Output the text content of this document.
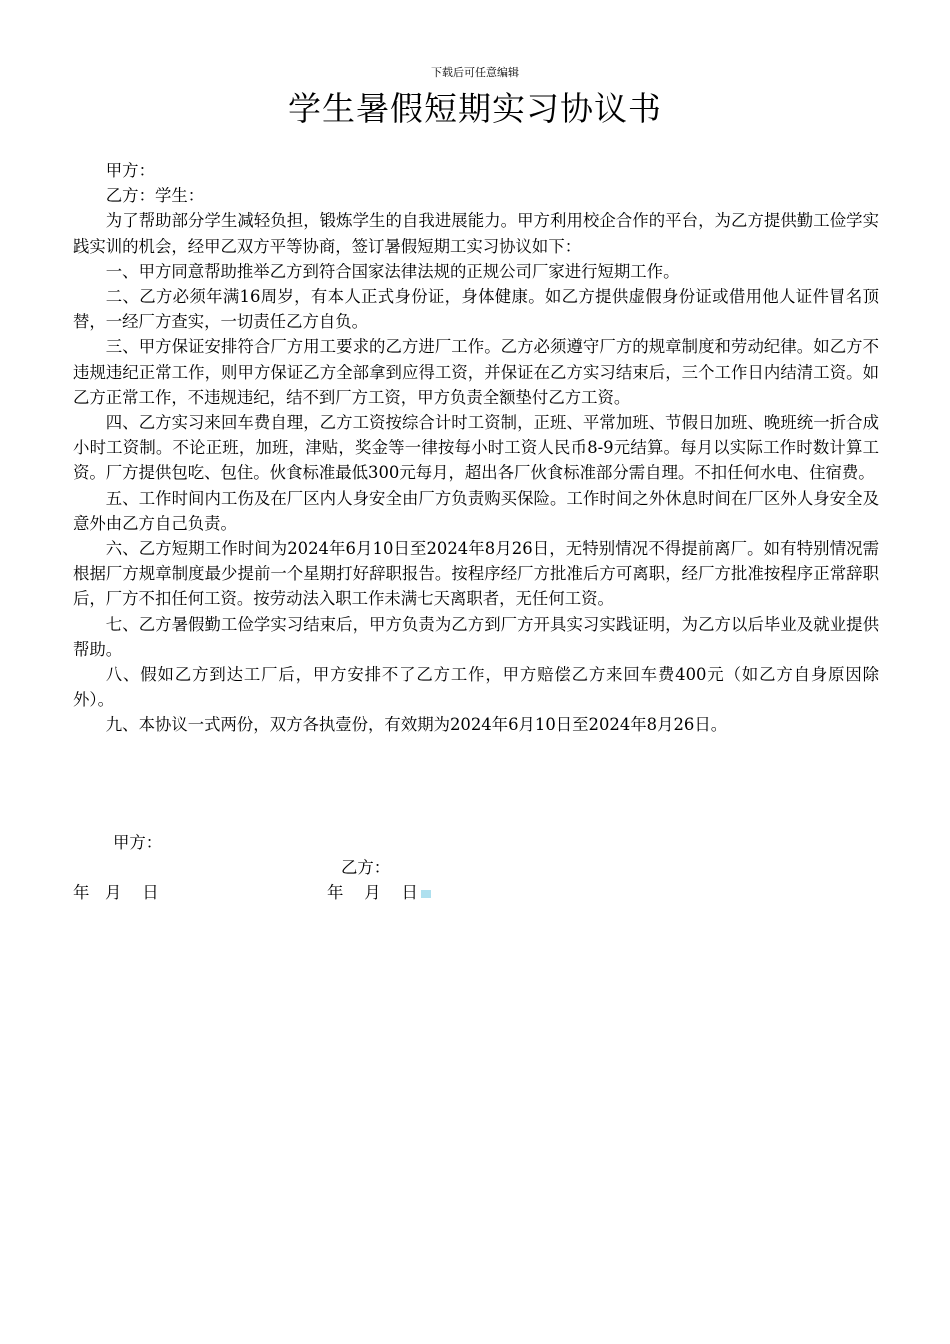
下载后可任意编辑
学生暑假短期实习协议书

甲方：

乙方：学生：

为了帮助部分学生减轻负担，锻炼学生的自我进展能力。甲方利用校企合作的平台，为乙方提供勤工俭学实践实训的机会，经甲乙双方平等协商，签订暑假短期工实习协议如下：

一、甲方同意帮助推举乙方到符合国家法律法规的正规公司厂家进行短期工作。

二、乙方必须年满16周岁，有本人正式身份证，身体健康。如乙方提供虚假身份证或借用他人证件冒名顶替，一经厂方查实，一切责任乙方自负。

三、甲方保证安排符合厂方用工要求的乙方进厂工作。乙方必须遵守厂方的规章制度和劳动纪律。如乙方不违规违纪正常工作，则甲方保证乙方全部拿到应得工资，并保证在乙方实习结束后，三个工作日内结清工资。如乙方正常工作，不违规违纪，结不到厂方工资，甲方负责全额垫付乙方工资。

四、乙方实习来回车费自理，乙方工资按综合计时工资制，正班、平常加班、节假日加班、晚班统一折合成小时工资制。不论正班，加班，津贴，奖金等一律按每小时工资人民币8-9元结算。每月以实际工作时数计算工资。厂方提供包吃、包住。伙食标准最低300元每月，超出各厂伙食标准部分需自理。不扣任何水电、住宿费。

五、工作时间内工伤及在厂区内人身安全由厂方负责购买保险。工作时间之外休息时间在厂区外人身安全及意外由乙方自己负责。

六、乙方短期工作时间为2024年6月10日至2024年8月26日，无特别情况不得提前离厂。如有特别情况需根据厂方规章制度最少提前一个星期打好辞职报告。按程序经厂方批准后方可离职，经厂方批准按程序正常辞职后，厂方不扣任何工资。按劳动法入职工作未满七天离职者，无任何工资。

七、乙方暑假勤工俭学实习结束后，甲方负责为乙方到厂方开具实习实践证明，为乙方以后毕业及就业提供帮助。

八、假如乙方到达工厂后，甲方安排不了乙方工作，甲方赔偿乙方来回车费400元（如乙方自身原因除外）。

九、本协议一式两份，双方各执壹份，有效期为2024年6月10日至2024年8月26日。

甲方：
乙方：
年   月    日	年    月    日
